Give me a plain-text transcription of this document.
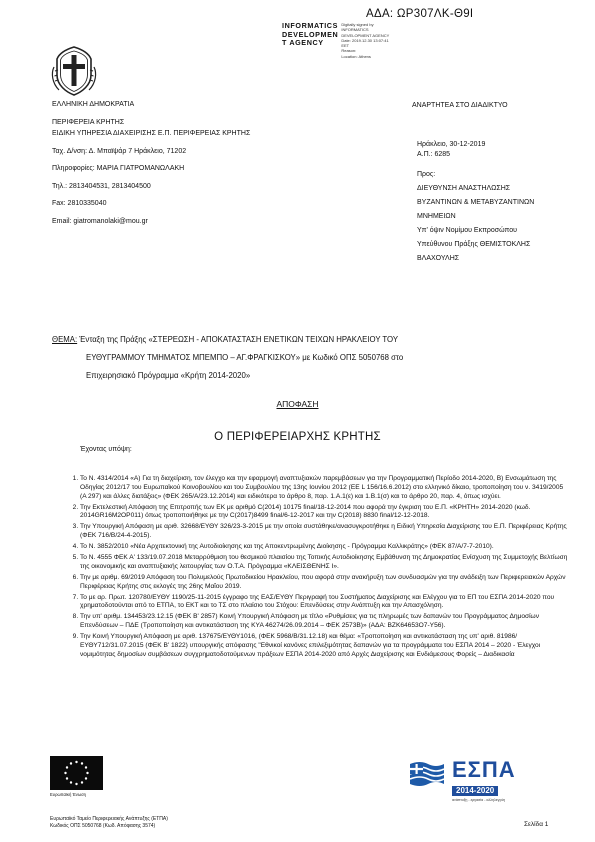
ΑΔΑ: ΩΡ307ΛΚ-Θ9Ι
INFORMATICS
DEVELOPMEN
T AGENCY
Digitally signed by
INFORMATICS
DEVELOPMENT AGENCY
Date: 2019.12.30 13:07:41
EET
Reason:
Location: Athens
ΕΛΛΗΝΙΚΗ ΔΗΜΟΚΡΑΤΙΑ
ΠΕΡΙΦΕΡΕΙΑ ΚΡΗΤΗΣ
ΕΙΔΙΚΗ ΥΠΗΡΕΣΙΑ ΔΙΑΧΕΙΡΙΣΗΣ Ε.Π. ΠΕΡΙΦΕΡΕΙΑΣ ΚΡΗΤΗΣ
Ταχ. Δ/νση: Δ. Μπαϊψάρ 7 Ηράκλειο, 71202
Πληροφορίες: ΜΑΡΙΑ ΓΙΑΤΡΟΜΑΝΩΛΑΚΗ
Τηλ.: 2813404531, 2813404500
Fax: 2810335040
Email: giatromanolaki@mou.gr
ΑΝΑΡΤΗΤΕΑ ΣΤΟ ΔΙΑΔΙΚΤΥΟ
Ηράκλειο, 30-12-2019
Α.Π.: 6285
Προς:
ΔΙΕΥΘΥΝΣΗ ΑΝΑΣΤΗΛΩΣΗΣ
ΒΥΖΑΝΤΙΝΩΝ & ΜΕΤΑΒΥΖΑΝΤΙΝΩΝ
ΜΝΗΜΕΙΩΝ
Υπ' όψιν Νομίμου Εκπροσώπου
Υπεύθυνου Πράξης ΘΕΜΙΣΤΟΚΛΗΣ
ΒΛΑΧΟΥΛΗΣ
ΘΕΜΑ: Ένταξη της Πράξης «ΣΤΕΡΕΩΣΗ - ΑΠΟΚΑΤΑΣΤΑΣΗ ΕΝΕΤΙΚΩΝ ΤΕΙΧΩΝ ΗΡΑΚΛΕΙΟΥ ΤΟΥ
ΕΥΘΥΓΡΑΜΜΟΥ ΤΜΗΜΑΤΟΣ ΜΠΕΜΠΟ – ΑΓ.ΦΡΑΓΚΙΣΚΟΥ» με Κωδικό ΟΠΣ 5050768 στο
Επιχειρησιακό Πρόγραμμα «Κρήτη 2014-2020»
ΑΠΟΦΑΣΗ
Ο ΠΕΡΙΦΕΡΕΙΑΡΧΗΣ ΚΡΗΤΗΣ
Έχοντας υπόψη:
1. Το Ν. 4314/2014 «Α) Για τη διαχείριση, τον έλεγχο και την εφαρμογή αναπτυξιακών παρεμβάσεων για την Προγραμματική Περίοδο 2014-2020, Β) Ενσωμάτωση της Οδηγίας 2012/17 του Ευρωπαϊκού Κοινοβουλίου και του Συμβουλίου της 13ης Ιουνίου 2012 (EE L 156/16.6.2012) στο ελληνικό δίκαιο, τροποποίηση του ν. 3419/2005 (Α 297) και άλλες διατάξεις» (ΦΕΚ 265/Α/23.12.2014) και ειδικότερα το άρθρο 8, παρ. 1.Α.1(ε) και 1.Β.1(σ) και το άρθρο 20, παρ. 4, όπως ισχύει.
2. Την Εκτελεστική Απόφαση της Επιτροπής των ΕΚ με αριθμό C(2014) 10175 final/18-12-2014 που αφορά την έγκριση του Ε.Π. «ΚΡΗΤΗ» 2014-2020 (κωδ. 2014GR16M2OP011) όπως τροποποιήθηκε με την C(2017)8499 final/6-12-2017 και την C(2018) 8830 final/12-12-2018.
3. Την Υπουργική Απόφαση με αριθ. 32668/ΕΥΘΥ 326/23-3-2015 με την οποία συστάθηκε/ανασυγκροτήθηκε η Ειδική Υπηρεσία Διαχείρισης του Ε.Π. Περιφέρειας Κρήτης (ΦΕΚ 716/Β/24-4-2015).
4. Το Ν. 3852/2010 «Νέα Αρχιτεκτονική της Αυτοδιοίκησης και της Αποκεντρωμένης Διοίκησης - Πρόγραμμα Καλλικράτης» (ΦΕΚ 87/Α/7-7-2010).
5. Το Ν. 4555 ΦΕΚ Α' 133/19.07.2018 Μεταρρύθμιση του θεσμικού πλαισίου της Τοπικής Αυτοδιοίκησης Εμβάθυνση της Δημοκρατίας Ενίσχυση της Συμμετοχής Βελτίωση της οικονομικής και αναπτυξιακής λειτουργίας των Ο.Τ.Α. Πρόγραμμα «ΚΛΕΙΣΘΕΝΗΣ Ι».
6. Την με αριθμ. 69/2019 Απόφαση του Πολυμελούς Πρωτοδικείου Ηρακλείου, που αφορά στην ανακήρυξη των συνδυασμών για την ανάδειξη των Περιφερειακών Αρχών Περιφέρειας Κρήτης στις εκλογές της 26ης Μαΐου 2019.
7. Το με αρ. Πρωτ. 120780/ΕΥΘΥ 1190/25-11-2015 έγγραφο της ΕΑΣ/ΕΥΘΥ Περιγραφή του Συστήματος Διαχείρισης και Ελέγχου για το ΕΠ του ΕΣΠΑ 2014-2020 που χρηματοδοτούνται από το ΕΤΠΑ, το ΕΚΤ και το ΤΣ στο πλαίσιο του Στόχου: Επενδύσεις στην Ανάπτυξη και την Απασχόληση.
8. Την υπ' αριθμ. 134453/23.12.15 (ΦΕΚ Β' 2857) Κοινή Υπουργική Απόφαση με τίτλο «Ρυθμίσεις για τις πληρωμές των δαπανών του Προγράμματος Δημοσίων Επενδύσεων – ΠΔΕ (Τροποποίηση και αντικατάσταση της ΚΥΑ 46274/26.09.2014 – ΦΕΚ 2573Β)» (ΑΔΑ: ΒΖΚ64653Ο7-Υ56).
9. Την Κοινή Υπουργική Απόφαση με αριθ. 137675/ΕΥΘΥ1016, (ΦΕΚ 5968/Β/31.12.18) και θέμα: «Τροποποίηση και αντικατάσταση της υπ' αριθ. 81986/ΕΥΘΥ712/31.07.2015 (ΦΕΚ Β' 1822) υπουργικής απόφασης "Εθνικοί κανόνες επιλεξιμότητας δαπανών για τα προγράμματα του ΕΣΠΑ 2014 – 2020 - Έλεγχοι νομιμότητας δημοσίων συμβάσεων συγχρηματοδοτούμενων πράξεων ΕΣΠΑ 2014-2020 από Αρχές Διαχείρισης και Ενδιάμεσους Φορείς – Διαδικασία
Ευρωπαϊκή Ένωση
ΕΣΠΑ
2014-2020
ανάπτυξη - εργασία - αλληλεγγύη
Ευρωπαϊκό Ταμείο Περιφερειακής Ανάπτυξης (ΕΤΠΑ)
Κωδικός ΟΠΣ 5050768 (Κωδ. Απόφασης 3574)	Σελίδα 1
